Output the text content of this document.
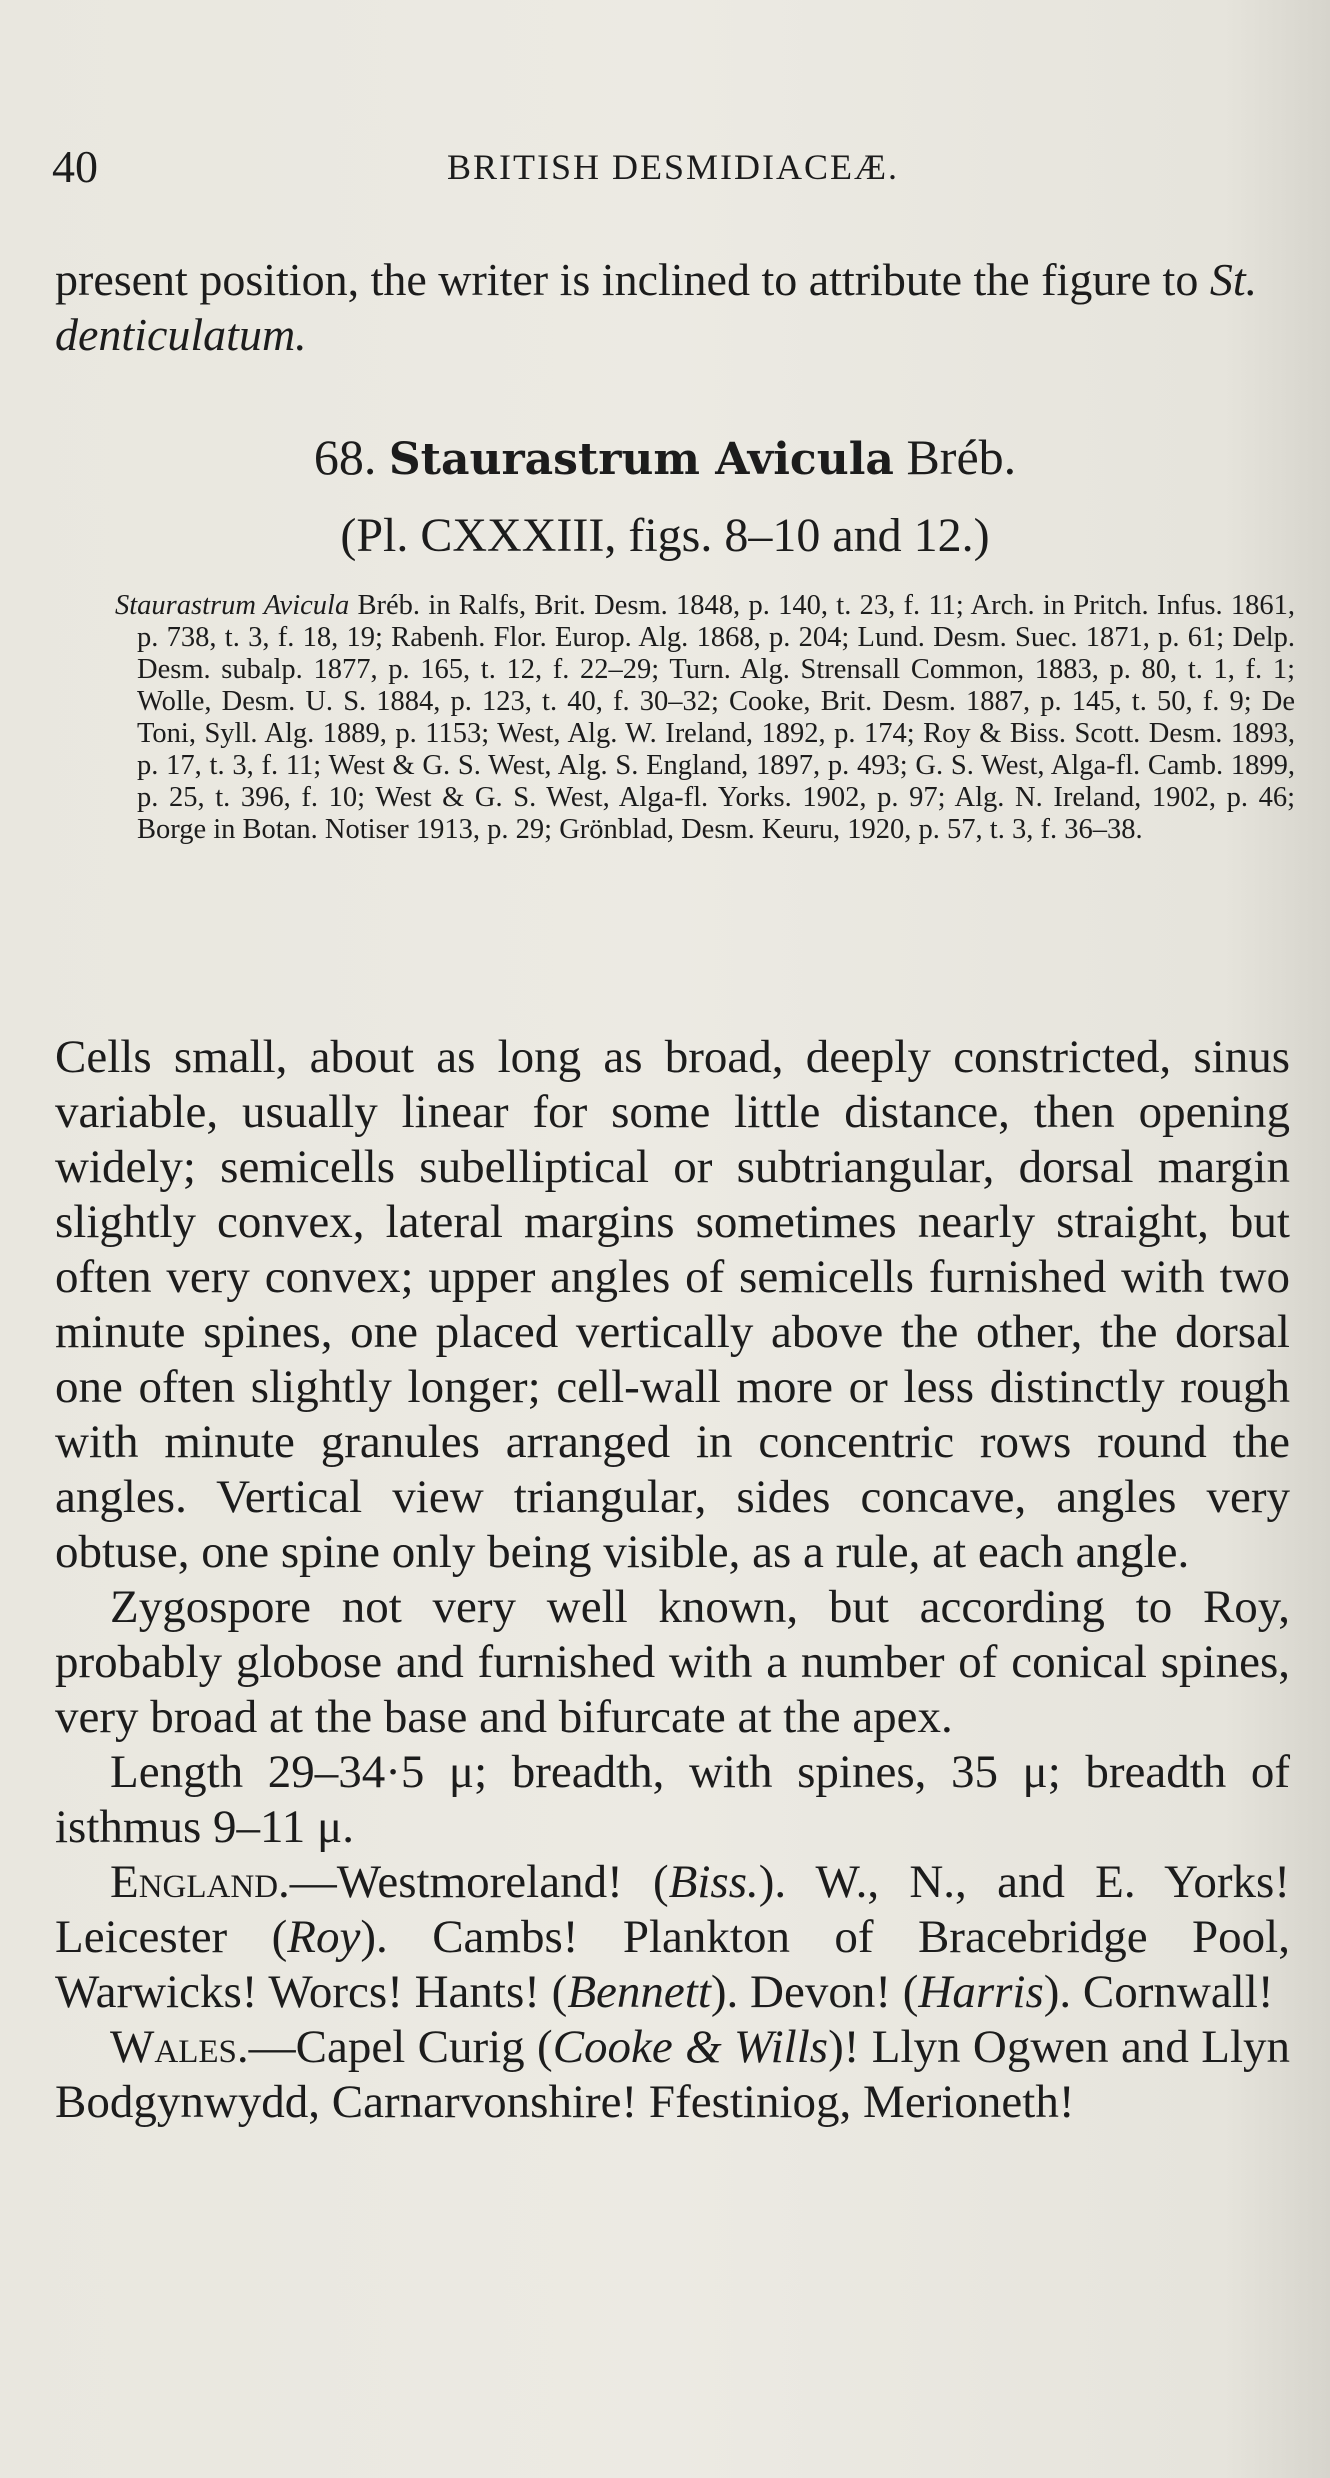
40	BRITISH DESMIDIACEÆ.
present position, the writer is inclined to attribute the figure to St. denticulatum.
68. Staurastrum Avicula Bréb.
(Pl. CXXXIII, figs. 8–10 and 12.)
Staurastrum Avicula Bréb. in Ralfs, Brit. Desm. 1848, p. 140, t. 23, f. 11; Arch. in Pritch. Infus. 1861, p. 738, t. 3, f. 18, 19; Rabenh. Flor. Europ. Alg. 1868, p. 204; Lund. Desm. Suec. 1871, p. 61; Delp. Desm. subalp. 1877, p. 165, t. 12, f. 22–29; Turn. Alg. Strensall Common, 1883, p. 80, t. 1, f. 1; Wolle, Desm. U. S. 1884, p. 123, t. 40, f. 30–32; Cooke, Brit. Desm. 1887, p. 145, t. 50, f. 9; De Toni, Syll. Alg. 1889, p. 1153; West, Alg. W. Ireland, 1892, p. 174; Roy & Biss. Scott. Desm. 1893, p. 17, t. 3, f. 11; West & G. S. West, Alg. S. England, 1897, p. 493; G. S. West, Alga-fl. Camb. 1899, p. 25, t. 396, f. 10; West & G. S. West, Alga-fl. Yorks. 1902, p. 97; Alg. N. Ireland, 1902, p. 46; Borge in Botan. Notiser 1913, p. 29; Grönblad, Desm. Keuru, 1920, p. 57, t. 3, f. 36–38.

Cells small, about as long as broad, deeply constricted, sinus variable, usually linear for some little distance, then opening widely; semicells subelliptical or subtriangular, dorsal margin slightly convex, lateral margins sometimes nearly straight, but often very convex; upper angles of semicells furnished with two minute spines, one placed vertically above the other, the dorsal one often slightly longer; cell-wall more or less distinctly rough with minute granules arranged in concentric rows round the angles. Vertical view triangular, sides concave, angles very obtuse, one spine only being visible, as a rule, at each angle.

Zygospore not very well known, but according to Roy, probably globose and furnished with a number of conical spines, very broad at the base and bifurcate at the apex.

Length 29–34·5 μ; breadth, with spines, 35 μ; breadth of isthmus 9–11 μ.

England.—Westmoreland! (Biss.). W., N., and E. Yorks! Leicester (Roy). Cambs! Plankton of Bracebridge Pool, Warwicks! Worcs! Hants! (Bennett). Devon! (Harris). Cornwall!

Wales.—Capel Curig (Cooke & Wills)! Llyn Ogwen and Llyn Bodgynwydd, Carnarvonshire! Ffestiniog, Merioneth!
